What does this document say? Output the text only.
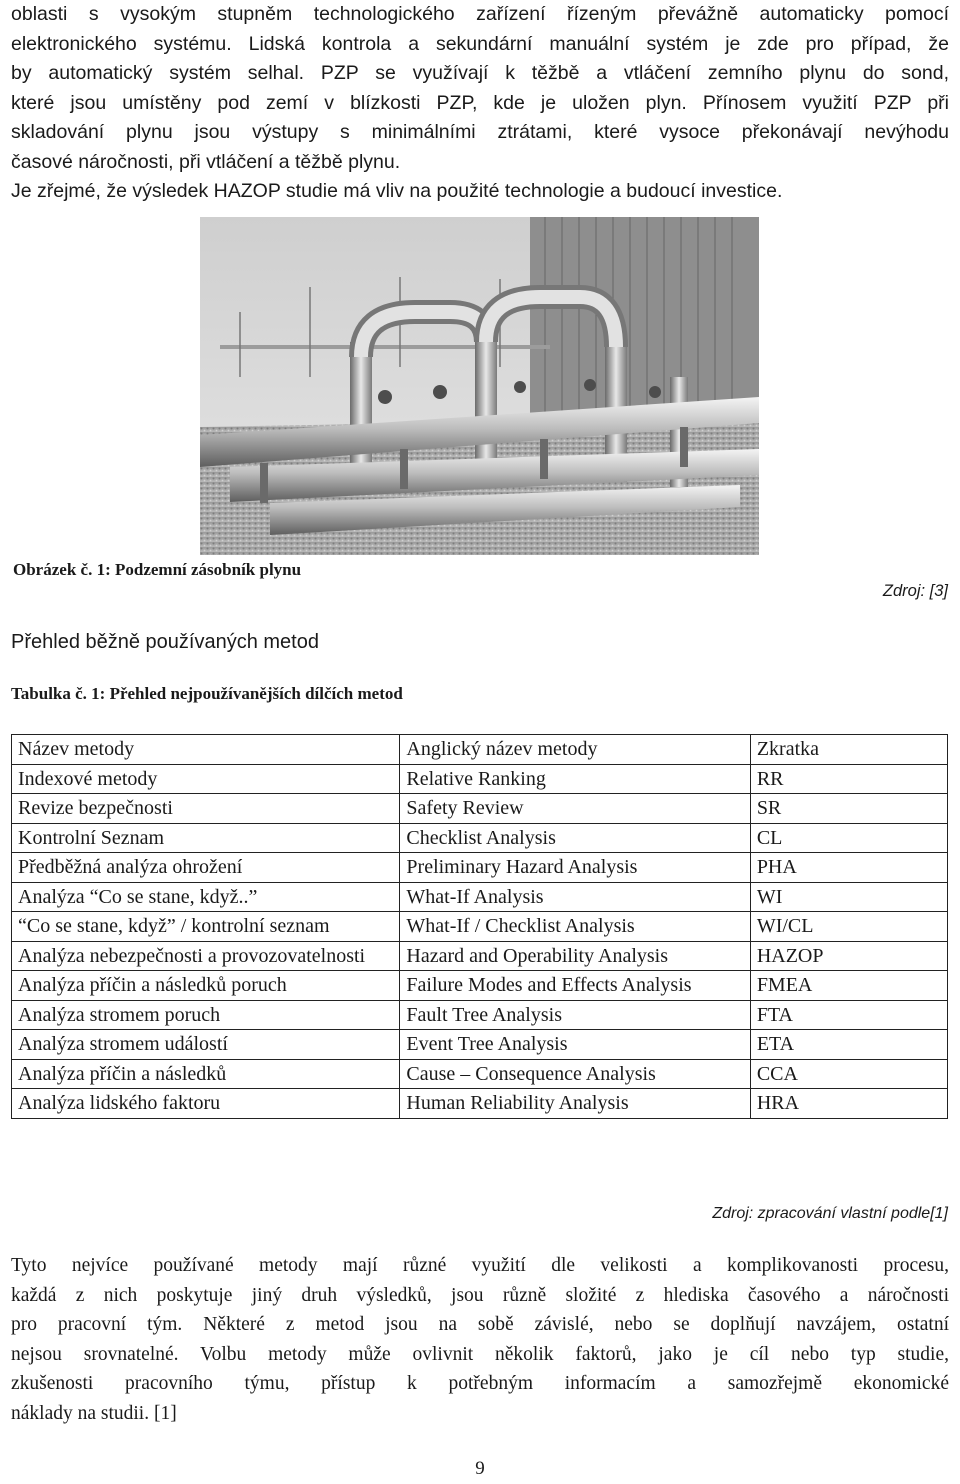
oblasti s vysokým stupněm technologického zařízení řízeným převážně automaticky pomocí
elektronického systému. Lidská kontrola a sekundární manuální systém je zde pro případ, že
by automatický systém selhal. PZP se využívají k těžbě a vtláčení zemního plynu do sond,
které jsou umístěny pod zemí v blízkosti PZP, kde je uložen plyn. Přínosem využití PZP při
skladování plynu jsou výstupy s minimálními ztrátami, které vysoce překonávají nevýhodu
časové náročnosti, při vtláčení a těžbě plynu.
Je zřejmé, že výsledek HAZOP studie má vliv na použité technologie a budoucí investice.
Obrázek č. 1: Podzemní zásobník plynu
Zdroj: [3]
Přehled běžně používaných metod
Tabulka č. 1: Přehled nejpoužívanějších dílčích metod
Název metody	Anglický název metody	Zkratka
Indexové metody	Relative Ranking	RR
Revize bezpečnosti	Safety Review	SR
Kontrolní Seznam	Checklist Analysis	CL
Předběžná analýza ohrožení	Preliminary Hazard Analysis	PHA
Analýza “Co se stane, když..”	What-If Analysis	WI
“Co se stane, když” / kontrolní seznam	What-If / Checklist Analysis	WI/CL
Analýza nebezpečnosti a provozovatelnosti	Hazard and Operability Analysis	HAZOP
Analýza příčin a následků poruch	Failure Modes and Effects Analysis	FMEA
Analýza stromem poruch	Fault Tree Analysis	FTA
Analýza stromem událostí	Event Tree Analysis	ETA
Analýza příčin a následků	Cause – Consequence Analysis	CCA
Analýza lidského faktoru	Human Reliability Analysis	HRA
Zdroj: zpracování vlastní podle[1]
Tyto nejvíce používané metody mají různé využití dle velikosti a komplikovanosti procesu,
každá z nich poskytuje jiný druh výsledků, jsou různě složité z hlediska časového a náročnosti
pro pracovní tým. Některé z metod jsou na sobě závislé, nebo se doplňují navzájem, ostatní
nejsou srovnatelné. Volbu metody může ovlivnit několik faktorů, jako je cíl nebo typ studie,
zkušenosti pracovního týmu, přístup k potřebným informacím a samozřejmě ekonomické
náklady na studii. [1]
9
